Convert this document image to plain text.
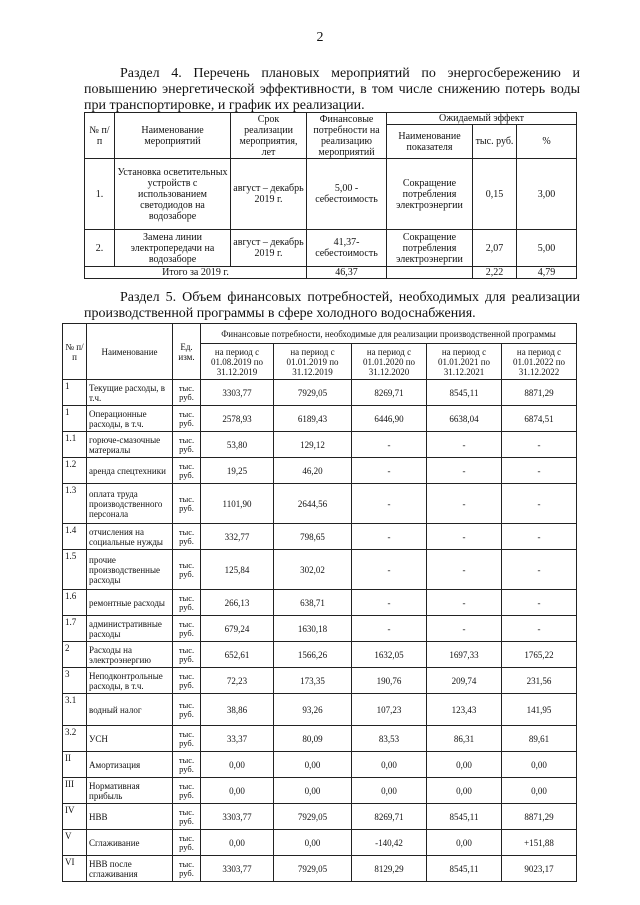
2
Раздел 4. Перечень плановых мероприятий по энергосбережению и повышению энергетической эффективности, в том числе снижению потерь воды при транспортировке, и график их реализации.
№ п/п	Наименование мероприятий	Срок реализации мероприятия, лет	Финансовые потребности на реализацию мероприятий	Ожидаемый эффект		
				Наименование показателя	тыс. руб.	%
1.	Установка осветительных устройств с использованием светодиодов на водозаборе	август – декабрь 2019 г.	5,00 - себестоимость	Сокращение потребления электроэнергии	0,15	3,00
2.	Замена линии электропередачи на водозаборе	август – декабрь 2019 г.	41,37- себестоимость	Сокращение потребления электроэнергии	2,07	5,00
Итого за 2019 г.			46,37		2,22	4,79
Раздел 5. Объем финансовых потребностей, необходимых для реализации производственной программы в сфере холодного водоснабжения.
№ п/п	Наименование	Ед. изм.	Финансовые потребности, необходимые для реализации производственной программы				
			на период с 01.08.2019 по 31.12.2019	на период с 01.01.2019 по 31.12.2019	на период с 01.01.2020 по 31.12.2020	на период с 01.01.2021 по 31.12.2021	на период с 01.01.2022 по 31.12.2022
1	Текущие расходы, в т.ч.	тыс. руб.	3303,77	7929,05	8269,71	8545,11	8871,29
1	Операционные расходы, в т.ч.	тыс. руб.	2578,93	6189,43	6446,90	6638,04	6874,51
1.1	горюче-смазочные материалы	тыс. руб.	53,80	129,12	-	-	-
1.2	аренда спецтехники	тыс. руб.	19,25	46,20	-	-	-
1.3	оплата труда производственного персонала	тыс. руб.	1101,90	2644,56	-	-	-
1.4	отчисления на социальные нужды	тыс. руб.	332,77	798,65	-	-	-
1.5	прочие производственные расходы	тыс. руб.	125,84	302,02	-	-	-
1.6	ремонтные расходы	тыс. руб.	266,13	638,71	-	-	-
1.7	административные расходы	тыс. руб.	679,24	1630,18	-	-	-
2	Расходы на электроэнергию	тыс. руб.	652,61	1566,26	1632,05	1697,33	1765,22
3	Неподконтрольные расходы, в т.ч.	тыс. руб.	72,23	173,35	190,76	209,74	231,56
3.1	водный налог	тыс. руб.	38,86	93,26	107,23	123,43	141,95
3.2	УСН	тыс. руб.	33,37	80,09	83,53	86,31	89,61
II	Амортизация	тыс. руб.	0,00	0,00	0,00	0,00	0,00
III	Нормативная прибыль	тыс. руб.	0,00	0,00	0,00	0,00	0,00
IV	НВВ	тыс. руб.	3303,77	7929,05	8269,71	8545,11	8871,29
V	Сглаживание	тыс. руб.	0,00	0,00	-140,42	0,00	+151,88
VI	НВВ после сглаживания	тыс. руб.	3303,77	7929,05	8129,29	8545,11	9023,17
